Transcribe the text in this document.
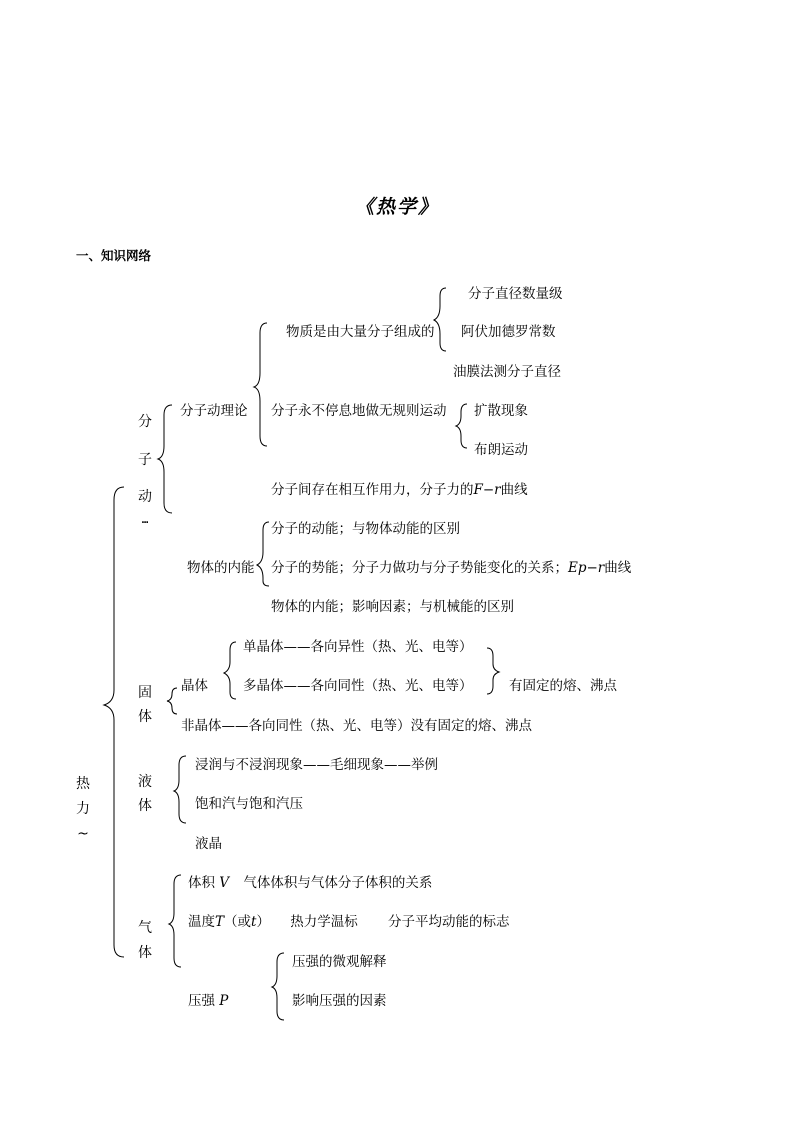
《热学》
一、知识网络
热
力
~
分
子
动
┅
分子动理论
物质是由大量分子组成的
分子直径数量级
阿伏加德罗常数
油膜法测分子直径
分子永不停息地做无规则运动 扩散现象
布朗运动
分子间存在相互作用力，分子力的F−r曲线
物体的内能
分子的动能；与物体动能的区别
分子的势能；分子力做功与分子势能变化的关系；Ep−r曲线
物体的内能；影响因素；与机械能的区别
固
体
晶体
单晶体——各向异性（热、光、电等）
多晶体——各向同性（热、光、电等）	有固定的熔、沸点
非晶体——各向同性（热、光、电等）没有固定的熔、沸点
液
体
浸润与不浸润现象——毛细现象——举例
饱和汽与饱和汽压
液晶
气
体
体积 V 气体体积与气体分子体积的关系
温度T（或t） 热力学温标 分子平均动能的标志
压强 P
压强的微观解释
影响压强的因素
